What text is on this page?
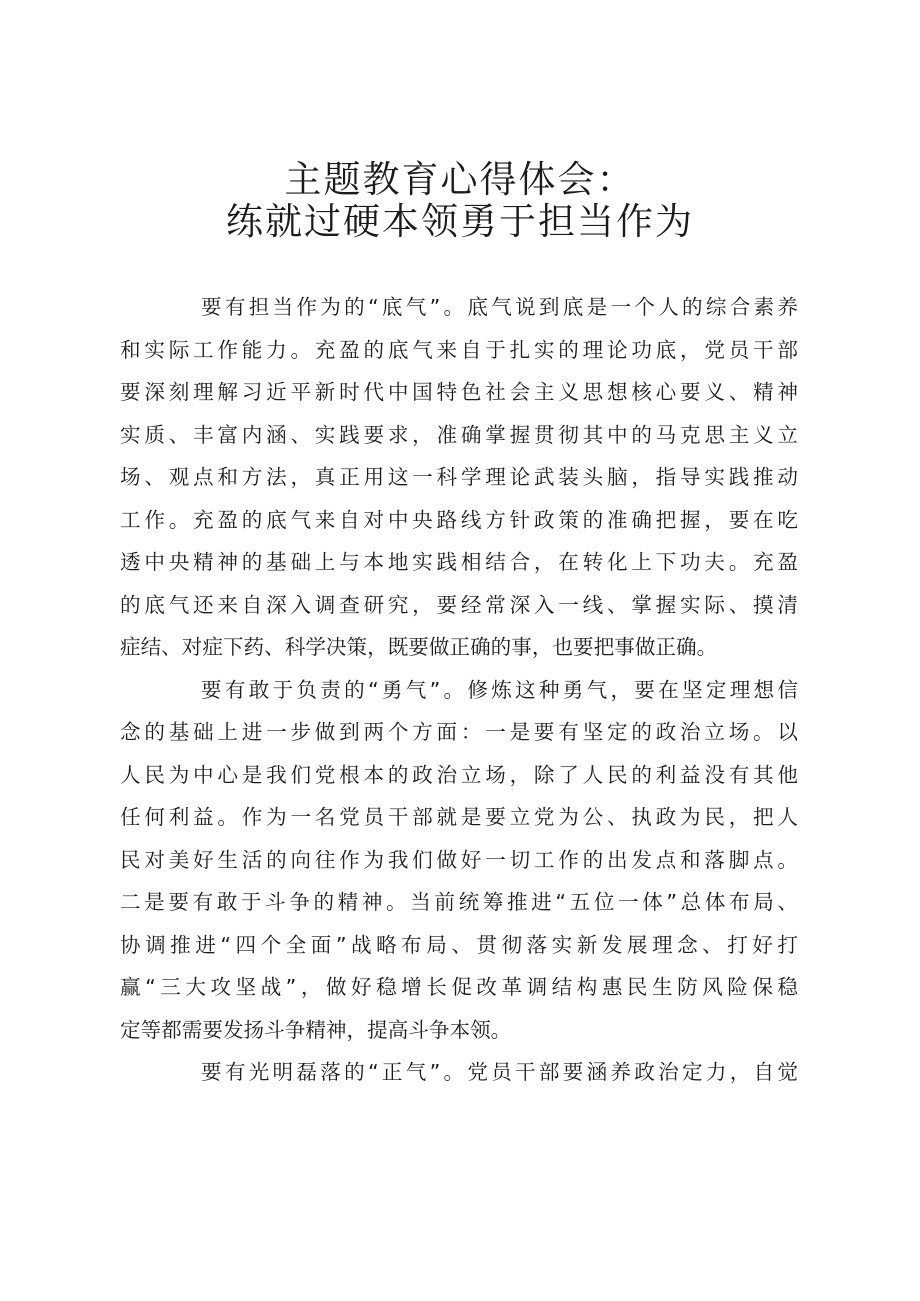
主题教育心得体会：
练就过硬本领勇于担当作为
要有担当作为的“底气”。底气说到底是一个人的综合素养
和实际工作能力。充盈的底气来自于扎实的理论功底，党员干部
要深刻理解习近平新时代中国特色社会主义思想核心要义、精神
实质、丰富内涵、实践要求，准确掌握贯彻其中的马克思主义立
场、观点和方法，真正用这一科学理论武装头脑，指导实践推动
工作。充盈的底气来自对中央路线方针政策的准确把握，要在吃
透中央精神的基础上与本地实践相结合，在转化上下功夫。充盈
的底气还来自深入调查研究，要经常深入一线、掌握实际、摸清
症结、对症下药、科学决策，既要做正确的事，也要把事做正确。
要有敢于负责的“勇气”。修炼这种勇气，要在坚定理想信
念的基础上进一步做到两个方面：一是要有坚定的政治立场。以
人民为中心是我们党根本的政治立场，除了人民的利益没有其他
任何利益。作为一名党员干部就是要立党为公、执政为民，把人
民对美好生活的向往作为我们做好一切工作的出发点和落脚点。
二是要有敢于斗争的精神。当前统筹推进“五位一体”总体布局、
协调推进“四个全面”战略布局、贯彻落实新发展理念、打好打
赢“三大攻坚战”，做好稳增长促改革调结构惠民生防风险保稳
定等都需要发扬斗争精神，提高斗争本领。
要有光明磊落的“正气”。党员干部要涵养政治定力，自觉
